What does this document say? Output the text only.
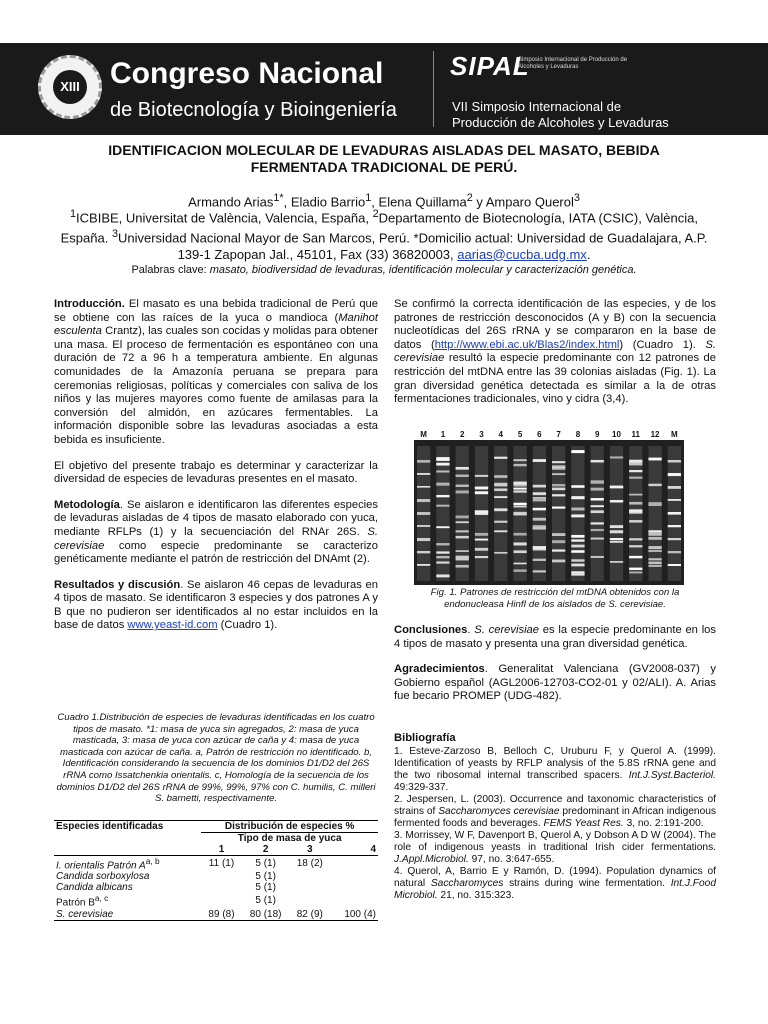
XIII Congreso Nacional
de Biotecnología y Bioingeniería
SIPAL
Simposio Internacional de Producción de Alcoholes y Levaduras
VII Simposio Internacional de
Producción de Alcoholes y Levaduras
IDENTIFICACION MOLECULAR DE LEVADURAS AISLADAS DEL MASATO, BEBIDA FERMENTADA TRADICIONAL DE PERÚ.
Armando Arias$^{1*}$, Eladio Barrio$^1$, Elena Quillama$^2$ y Amparo Querol$^3$
$^1$ICBIBE, Universitat de València, Valencia, España, $^2$Departamento de Biotecnología, IATA (CSIC), València, España. $^3$Universidad Nacional Mayor de San Marcos, Perú. *Domicilio actual: Universidad de Guadalajara, A.P. 139-1 Zapopan Jal., 45101, Fax (33) 36820003, aarias@cucba.udg.mx.
Palabras clave: masato, biodiversidad de levaduras, identificación molecular y caracterización genética.

Introducción. El masato es una bebida tradicional de Perú que se obtiene con las raíces de la yuca o mandioca (Manihot esculenta Crantz), las cuales son cocidas y molidas para obtener una masa. El proceso de fermentación es espontáneo con una duración de 72 a 96 h a temperatura ambiente. En algunas comunidades de la Amazonía peruana se prepara para ceremonias religiosas, políticas y comerciales con saliva de los niños y las mujeres mayores como fuente de amilasas para la conversión del almidón, en azúcares fermentables. La información disponible sobre las levaduras asociadas a esta bebida es insuficiente.

El objetivo del presente trabajo es determinar y caracterizar la diversidad de especies de levaduras presentes en el masato.

Metodología. Se aislaron e identificaron las diferentes especies de levaduras aisladas de 4 tipos de masato elaborado con yuca, mediante RFLPs (1) y la secuenciación del RNAr 26S. S. cerevisiae como especie predominante se caracterizo genéticamente mediante el patrón de restricción del DNAmt (2).

Resultados y discusión. Se aislaron 46 cepas de levaduras en 4 tipos de masato. Se identificaron 3 especies y dos patrones A y B que no pudieron ser identificados al no estar incluidos en la base de datos www.yeast-id.com (Cuadro 1).

Cuadro 1.Distribución de especies de levaduras identificadas en los cuatro tipos de masato. *1: masa de yuca sin agregados, 2: masa de yuca masticada, 3: masa de yuca con azúcar de caña y 4: masa de yuca masticada con azúcar de caña. a, Patrón de restricción no identificado. b, Identificación considerando la secuencia de los dominios D1/D2 del 26S rRNA como Issatchenkia orientalis. c, Homología de la secuencia de los dominios D1/D2 del 26S rRNA de 99%, 99%, 97% con C. humilis, C. milleri S. barnetti, respectivamente.
Especies identificadas	Distribución de especies %			
	Tipo de masa de yuca			
	1	2	3	4
I. orientalis Patrón A$^{a, b}$	11 (1)	5 (1)	18 (2)	
Candida sorboxylosa		5 (1)		
Candida albicans		5 (1)		
Patrón B$^{a, c}$		5 (1)		
S. cerevisiae	89 (8)	80 (18)	82 (9)	100 (4)

Se confirmó la correcta identificación de las especies, y de los patrones de restricción desconocidos (A y B) con la secuencia nucleotídicas del 26S rRNA y se compararon en la base de datos (http://www.ebi.ac.uk/Blas2/index.html) (Cuadro 1). S. cerevisiae resultó la especie predominante con 12 patrones de restricción del mtDNA entre las 39 colonias aisladas (Fig. 1). La gran diversidad genética detectada es similar a la de otras fermentaciones tradicionales, vino y cidra (3,4).

M	1	2	3	4	5	6	7	8	9	10	11	12	M
Fig. 1. Patrones de restricción del mtDNA obtenidos con la endonucleasa HinfI de los aislados de S. cerevisiae.

Conclusiones. S. cerevisiae es la especie predominante en los 4 tipos de masato y presenta una gran diversidad genética.

Agradecimientos. Generalitat Valenciana (GV2008-037) y Gobierno español (AGL2006-12703-CO2-01 y 02/ALI). A. Arias fue becario PROMEP (UDG-482).

Bibliografía

1. Esteve-Zarzoso B, Belloch C, Uruburu F, y Querol A. (1999). Identification of yeasts by RFLP analysis of the 5.8S rRNA gene and the two ribosomal internal transcribed spacers. Int.J.Syst.Bacteriol. 49:329-337.

2. Jespersen, L. (2003). Occurrence and taxonomic characteristics of strains of Saccharomyces cerevisiae predominant in African indigenous fermented foods and beverages. FEMS Yeast Res. 3, no. 2:191-200.

3. Morrissey, W F, Davenport B, Querol A, y Dobson A D W (2004). The role of indigenous yeasts in traditional Irish cider fermentations. J.Appl.Microbiol. 97, no. 3:647-655.

4. Querol, A, Barrio E y Ramón, D. (1994). Population dynamics of natural Saccharomyces strains during wine fermentation. Int.J.Food Microbiol. 21, no. 315:323.
